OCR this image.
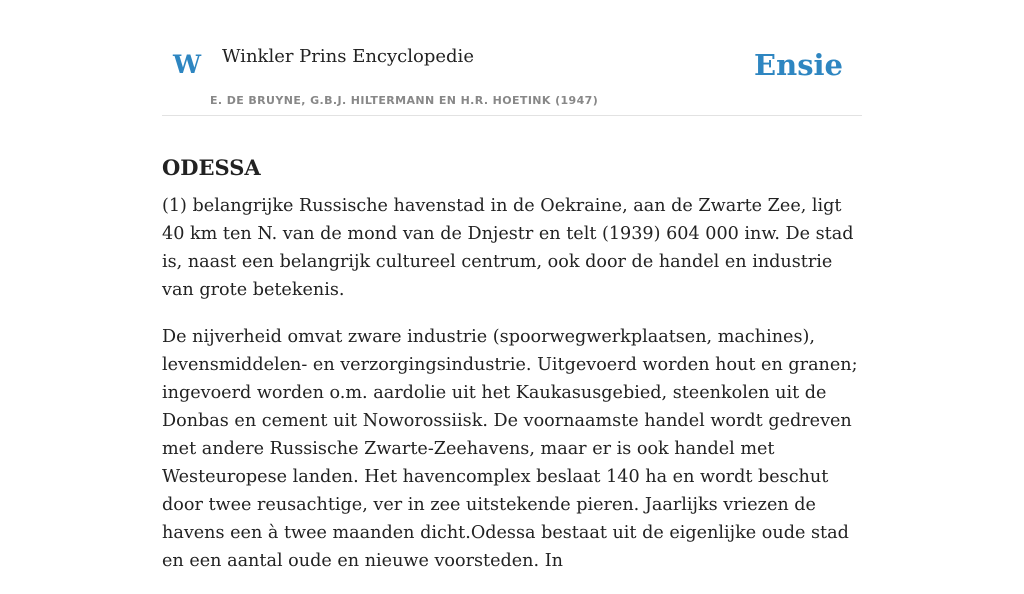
W Winkler Prins Encyclopedie
E. DE BRUYNE, G.B.J. HILTERMANN EN H.R. HOETINK (1947)
Ensie
ODESSA

(1) belangrijke Russische havenstad in de Oekraine, aan de Zwarte Zee, ligt 40 km ten N. van de mond van de Dnjestr en telt (1939) 604 000 inw. De stad is, naast een belangrijk cultureel centrum, ook door de handel en industrie van grote betekenis.

De nijverheid omvat zware industrie (spoorwegwerkplaatsen, machines), levensmiddelen- en verzorgingsindustrie. Uitgevoerd worden hout en granen; ingevoerd worden o.m. aardolie uit het Kaukasusgebied, steenkolen uit de Donbas en cement uit Noworossiisk. De voornaamste handel wordt gedreven met andere Russische Zwarte-Zeehavens, maar er is ook handel met Westeuropese landen. Het havencomplex beslaat 140 ha en wordt beschut door twee reusachtige, ver in zee uitstekende pieren. Jaarlijks vriezen de havens een à twee maanden dicht.Odessa bestaat uit de eigenlijke oude stad en een aantal oude en nieuwe voorsteden. In
